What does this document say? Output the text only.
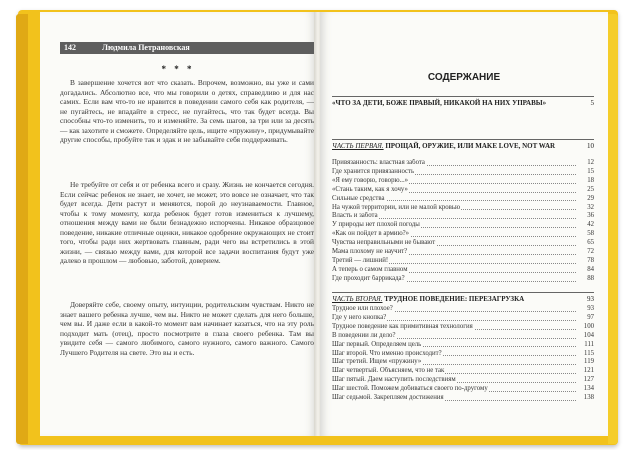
142	Людмила Петрановская
* * *

В завершение хочется вот что сказать. Впрочем, возможно, вы уже и сами догадались. Абсолютно все, что мы говорили о детях, справедливо и для нас самих. Если вам что-то не нравится в поведении самого себя как родителя, — не пугайтесь, не впадайте в стресс, не пугайтесь, что так будет всегда. Вы способны что-то изменить, то и изменяйте. За семь шагов, за три или за десять — как захотите и сможете. Определяйте цель, ищите «пружину», придумывайте другие способы, пробуйте так и эдак и не забывайте себя поддерживать.

Не требуйте от себя и от ребенка всего и сразу. Жизнь не кончается сегодня. Если сейчас ребенок не знает, не хочет, не может, это вовсе не означает, что так будет всегда. Дети растут и меняются, порой до неузнаваемости. Главное, чтобы к тому моменту, когда ребенок будет готов измениться к лучшему, отношения между вами не были безнадежно испорчены. Никакое образцовое поведение, никакие отличные оценки, никакое одобрение окружающих не стоит того, чтобы ради них жертвовать главным, ради чего вы встретились в этой жизни, — связью между вами, для которой все задачи воспитания будут уже далеко в прошлом — любовью, заботой, доверием.

Доверяйте себе, своему опыту, интуиции, родительским чувствам. Никто не знает вашего ребенка лучше, чем вы. Никто не может сделать для него больше, чем вы. И даже если в какой-то момент вам начинает казаться, что на эту роль подходит мать (отец), просто посмотрите в глаза своего ребенка. Там вы увидите себя — самого любимого, самого нужного, самого важного. Самого Лучшего Родителя на свете. Это вы и есть.

СОДЕРЖАНИЕ
«ЧТО ЗА ДЕТИ, БОЖЕ ПРАВЫЙ, НИКАКОЙ НА НИХ УПРАВЫ»	5
ЧАСТЬ ПЕРВАЯ. ПРОЩАЙ, ОРУЖИЕ, ИЛИ MAKE LOVE, NOT WAR	10
Привязанность: властная забота	12
Где хранится привязанность	15
«Я ему говорю, говорю...»	18
«Стань таким, как я хочу»	25
Сильные средства	29
На чужой территории, или не малой кровью	32
Власть и забота	36
У природы нет плохой погоды	42
«Как он пойдет в армию?»	58
Чувства неправильными не бывают	65
Мама плохому не научит?	72
Третий — лишний!	78
А теперь о самом главном	84
Где проходит баррикада?	88
ЧАСТЬ ВТОРАЯ. ТРУДНОЕ ПОВЕДЕНИЕ: ПЕРЕЗАГРУЗКА	93
Трудное или плохое?	93
Где у него кнопка?	97
Трудное поведение как примитивная технология	100
В поведении ли дело?	104
Шаг первый. Определяем цель	111
Шаг второй. Что именно происходит?	115
Шаг третий. Ищем «пружину»	119
Шаг четвертый. Объясняем, что не так	121
Шаг пятый. Даем наступить последствиям	127
Шаг шестой. Поможем добиваться своего по-другому	134
Шаг седьмой. Закрепляем достижения	138
